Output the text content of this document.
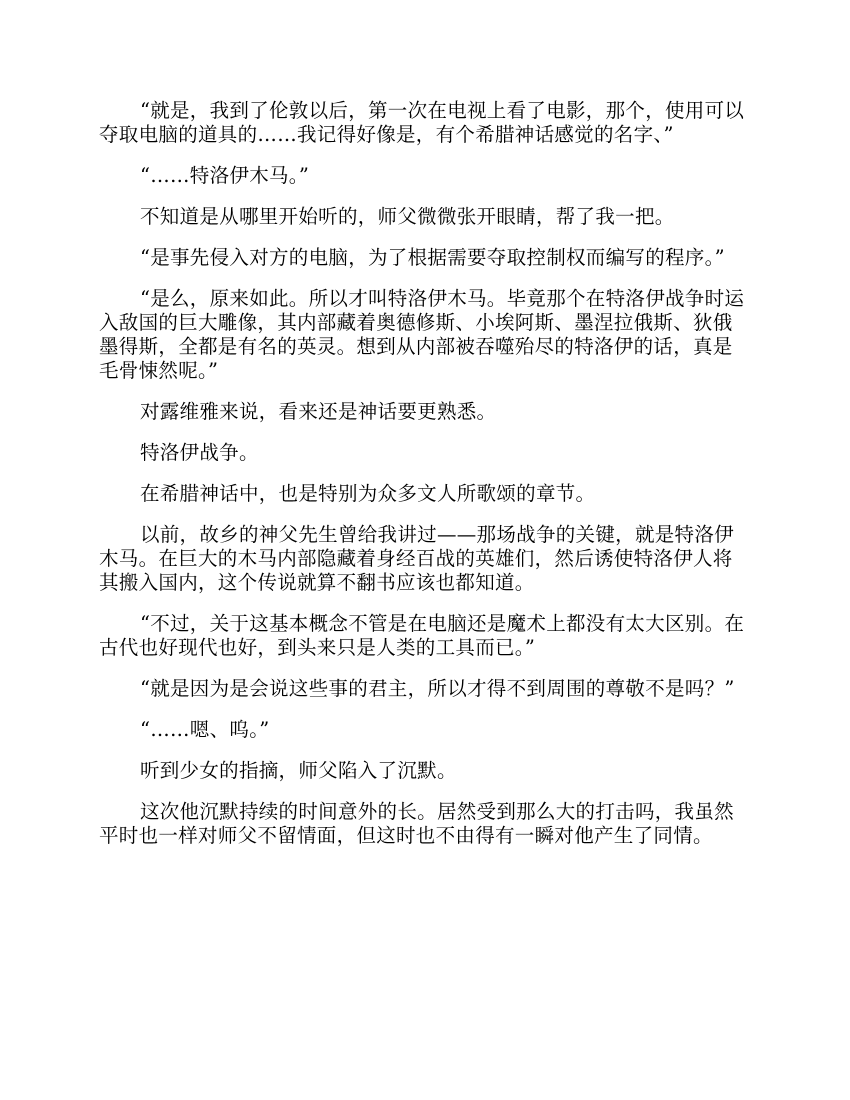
“就是，我到了伦敦以后，第一次在电视上看了电影，那个，使用可以夺取电脑的道具的……我记得好像是，有个希腊神话感觉的名字、”

“……特洛伊木马。”

不知道是从哪里开始听的，师父微微张开眼睛，帮了我一把。

“是事先侵入对方的电脑，为了根据需要夺取控制权而编写的程序。”

“是么，原来如此。所以才叫特洛伊木马。毕竟那个在特洛伊战争时运入敌国的巨大雕像，其内部藏着奥德修斯、小埃阿斯、墨涅拉俄斯、狄俄墨得斯，全都是有名的英灵。想到从内部被吞噬殆尽的特洛伊的话，真是毛骨悚然呢。”

对露维雅来说，看来还是神话要更熟悉。

特洛伊战争。

在希腊神话中，也是特别为众多文人所歌颂的章节。

以前，故乡的神父先生曾给我讲过——那场战争的关键，就是特洛伊木马。在巨大的木马内部隐藏着身经百战的英雄们，然后诱使特洛伊人将其搬入国内，这个传说就算不翻书应该也都知道。

“不过，关于这基本概念不管是在电脑还是魔术上都没有太大区别。在古代也好现代也好，到头来只是人类的工具而已。”

“就是因为是会说这些事的君主，所以才得不到周围的尊敬不是吗？”

“……嗯、呜。”

听到少女的指摘，师父陷入了沉默。

这次他沉默持续的时间意外的长。居然受到那么大的打击吗，我虽然平时也一样对师父不留情面，但这时也不由得有一瞬对他产生了同情。
